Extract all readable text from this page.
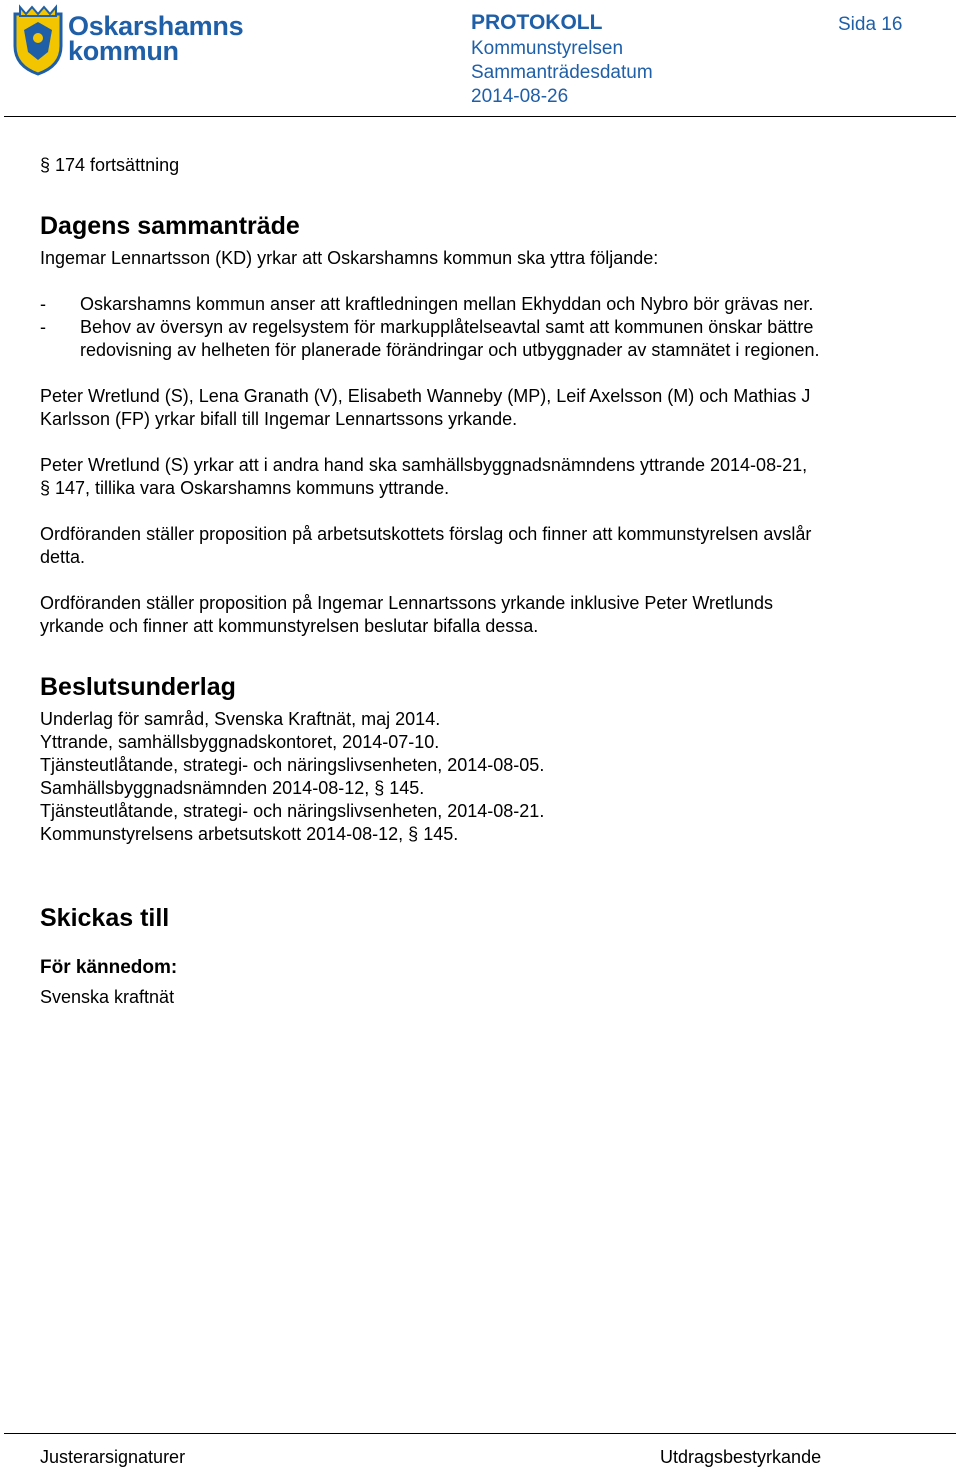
Oskarshamns
kommun
PROTOKOLL
Kommunstyrelsen
Sammanträdesdatum
2014-08-26
Sida 16
§ 174 fortsättning
Dagens sammanträde
Ingemar Lennartsson (KD) yrkar att Oskarshamns kommun ska yttra följande:
- Oskarshamns kommun anser att kraftledningen mellan Ekhyddan och Nybro bör grävas ner.
- Behov av översyn av regelsystem för markupplåtelseavtal samt att kommunen önskar bättre
redovisning av helheten för planerade förändringar och utbyggnader av stamnätet i regionen.
Peter Wretlund (S), Lena Granath (V), Elisabeth Wanneby (MP), Leif Axelsson (M) och Mathias J
Karlsson (FP) yrkar bifall till Ingemar Lennartssons yrkande.
Peter Wretlund (S) yrkar att i andra hand ska samhällsbyggnadsnämndens yttrande 2014-08-21,
§ 147, tillika vara Oskarshamns kommuns yttrande.
Ordföranden ställer proposition på arbetsutskottets förslag och finner att kommunstyrelsen avslår
detta.
Ordföranden ställer proposition på Ingemar Lennartssons yrkande inklusive Peter Wretlunds
yrkande och finner att kommunstyrelsen beslutar bifalla dessa.
Beslutsunderlag
Underlag för samråd, Svenska Kraftnät, maj 2014.
Yttrande, samhällsbyggnadskontoret, 2014-07-10.
Tjänsteutlåtande, strategi- och näringslivsenheten, 2014-08-05.
Samhällsbyggnadsnämnden 2014-08-12, § 145.
Tjänsteutlåtande, strategi- och näringslivsenheten, 2014-08-21.
Kommunstyrelsens arbetsutskott 2014-08-12, § 145.
Skickas till
För kännedom:
Svenska kraftnät
Justerarsignaturer	Utdragsbestyrkande
